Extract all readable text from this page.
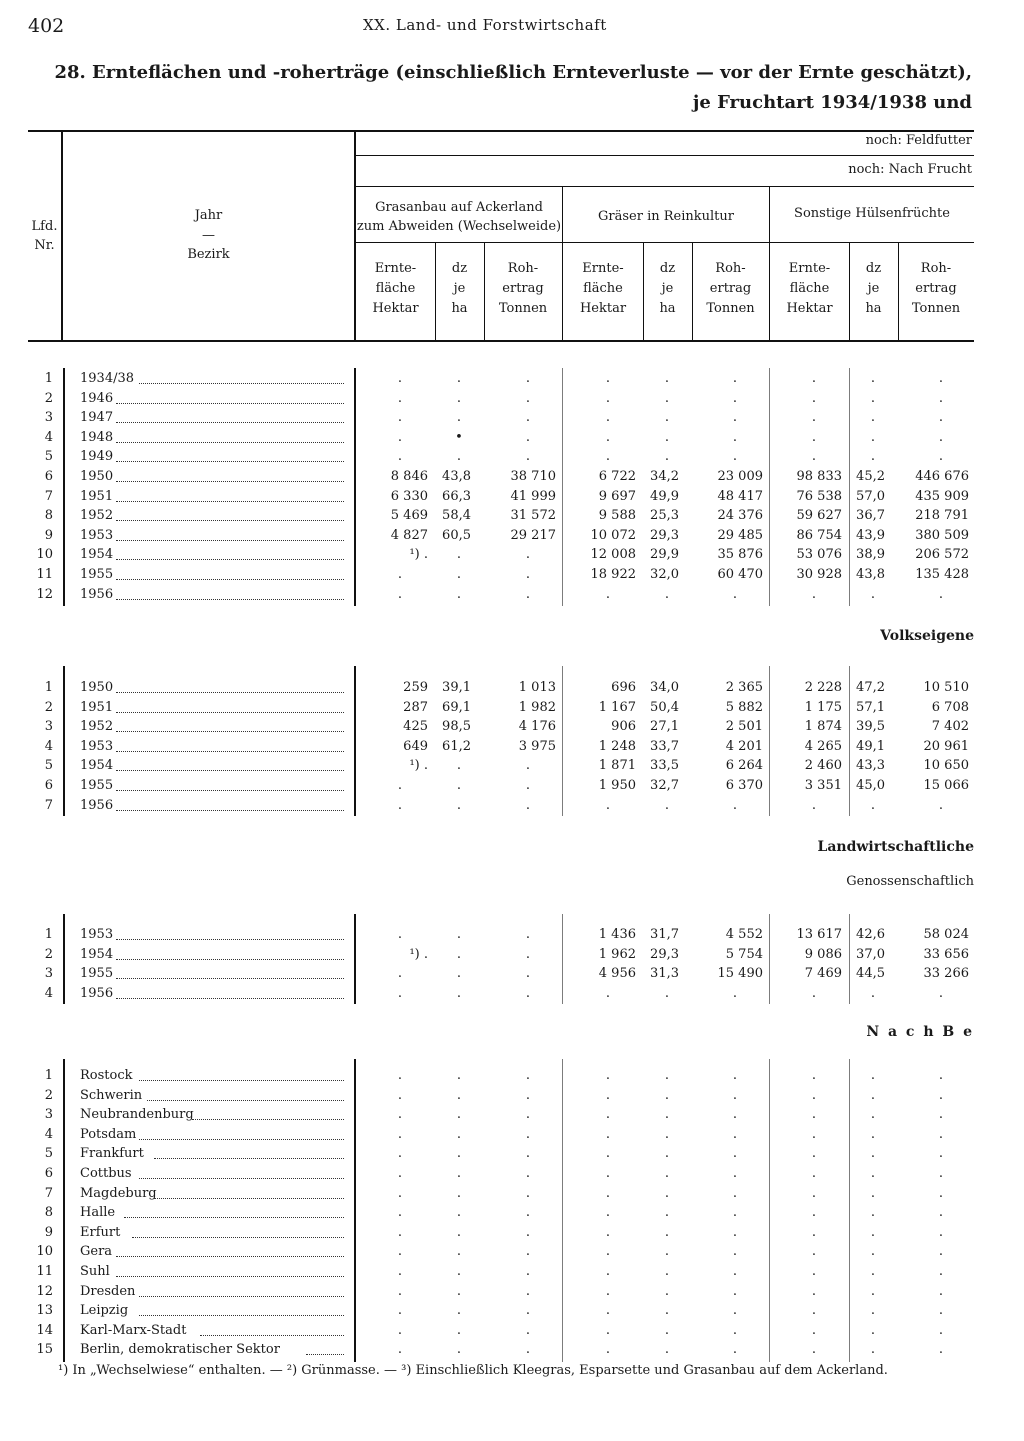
402	XX. Land- und Forstwirtschaft
28. Ernteflächen und -roherträge (einschließlich Ernteverluste — vor der Ernte geschätzt),
je Fruchtart 1934/1938 und
Lfd.
Nr.
Jahr
—
Bezirk
noch: Feldfutter
noch: Nach Frucht
Grasanbau auf Ackerland
zum Abweiden (Wechselweide)
Gräser in Reinkultur	Sonstige Hülsenfrüchte
Ernte-
fläche
Hektar
dz
je
ha
Roh-
ertrag
Tonnen
Ernte-
fläche
Hektar
dz
je
ha
Roh-
ertrag
Tonnen
Ernte-
fläche
Hektar
dz
je
ha
Roh-
ertrag
Tonnen
1 1934/38	.	.	.	.	.	.	.	.	.
2 1946	.	.	.	.	.	.	.	.	.
3 1947	.	.	.	.	.	.	.	.	.
4 1948	.	•	.	.	.	.	.	.	.
5 1949	.	.	.	.	.	.	.	.	.
6 1950	8 846	43,8	38 710	6 722	34,2	23 009	98 833	45,2	446 676
7 1951	6 330	66,3	41 999	9 697	49,9	48 417	76 538	57,0	435 909
8 1952	5 469	58,4	31 572	9 588	25,3	24 376	59 627	36,7	218 791
9 1953	4 827	60,5	29 217	10 072	29,3	29 485	86 754	43,9	380 509
10 1954	¹) .	.	.	12 008	29,9	35 876	53 076	38,9	206 572
11 1955	.	.	.	18 922	32,0	60 470	30 928	43,8	135 428
12 1956	.	.	.	.	.	.	.	.	.
Volkseigene
1 1950	259	39,1	1 013	696	34,0	2 365	2 228	47,2	10 510
2 1951	287	69,1	1 982	1 167	50,4	5 882	1 175	57,1	6 708
3 1952	425	98,5	4 176	906	27,1	2 501	1 874	39,5	7 402
4 1953	649	61,2	3 975	1 248	33,7	4 201	4 265	49,1	20 961
5 1954	¹) .	.	.	1 871	33,5	6 264	2 460	43,3	10 650
6 1955	.	.	.	1 950	32,7	6 370	3 351	45,0	15 066
7 1956	.	.	.	.	.	.	.	.	.
Landwirtschaftliche
Genossenschaftlich
1 1953	.	.	.	1 436	31,7	4 552	13 617	42,6	58 024
2 1954	¹) .	.	.	1 962	29,3	5 754	9 086	37,0	33 656
3 1955	.	.	.	4 956	31,3	15 490	7 469	44,5	33 266
4 1956	.	.	.	.	.	.	.	.	.
N a c h B e
1 Rostock	.	.	.	.	.	.	.	.	.
2 Schwerin	.	.	.	.	.	.	.	.	.
3 Neubrandenburg	.	.	.	.	.	.	.	.	.
4 Potsdam	.	.	.	.	.	.	.	.	.
5 Frankfurt	.	.	.	.	.	.	.	.	.
6 Cottbus	.	.	.	.	.	.	.	.	.
7 Magdeburg	.	.	.	.	.	.	.	.	.
8 Halle	.	.	.	.	.	.	.	.	.
9 Erfurt	.	.	.	.	.	.	.	.	.
10 Gera	.	.	.	.	.	.	.	.	.
11 Suhl	.	.	.	.	.	.	.	.	.
12 Dresden	.	.	.	.	.	.	.	.	.
13 Leipzig	.	.	.	.	.	.	.	.	.
14 Karl-Marx-Stadt	.	.	.	.	.	.	.	.	.
15 Berlin, demokratischer Sektor	.	.	.	.	.	.	.	.	.
¹) In „Wechselwiese“ enthalten. — ²) Grünmasse. — ³) Einschließlich Kleegras, Esparsette und Grasanbau auf dem Ackerland.
